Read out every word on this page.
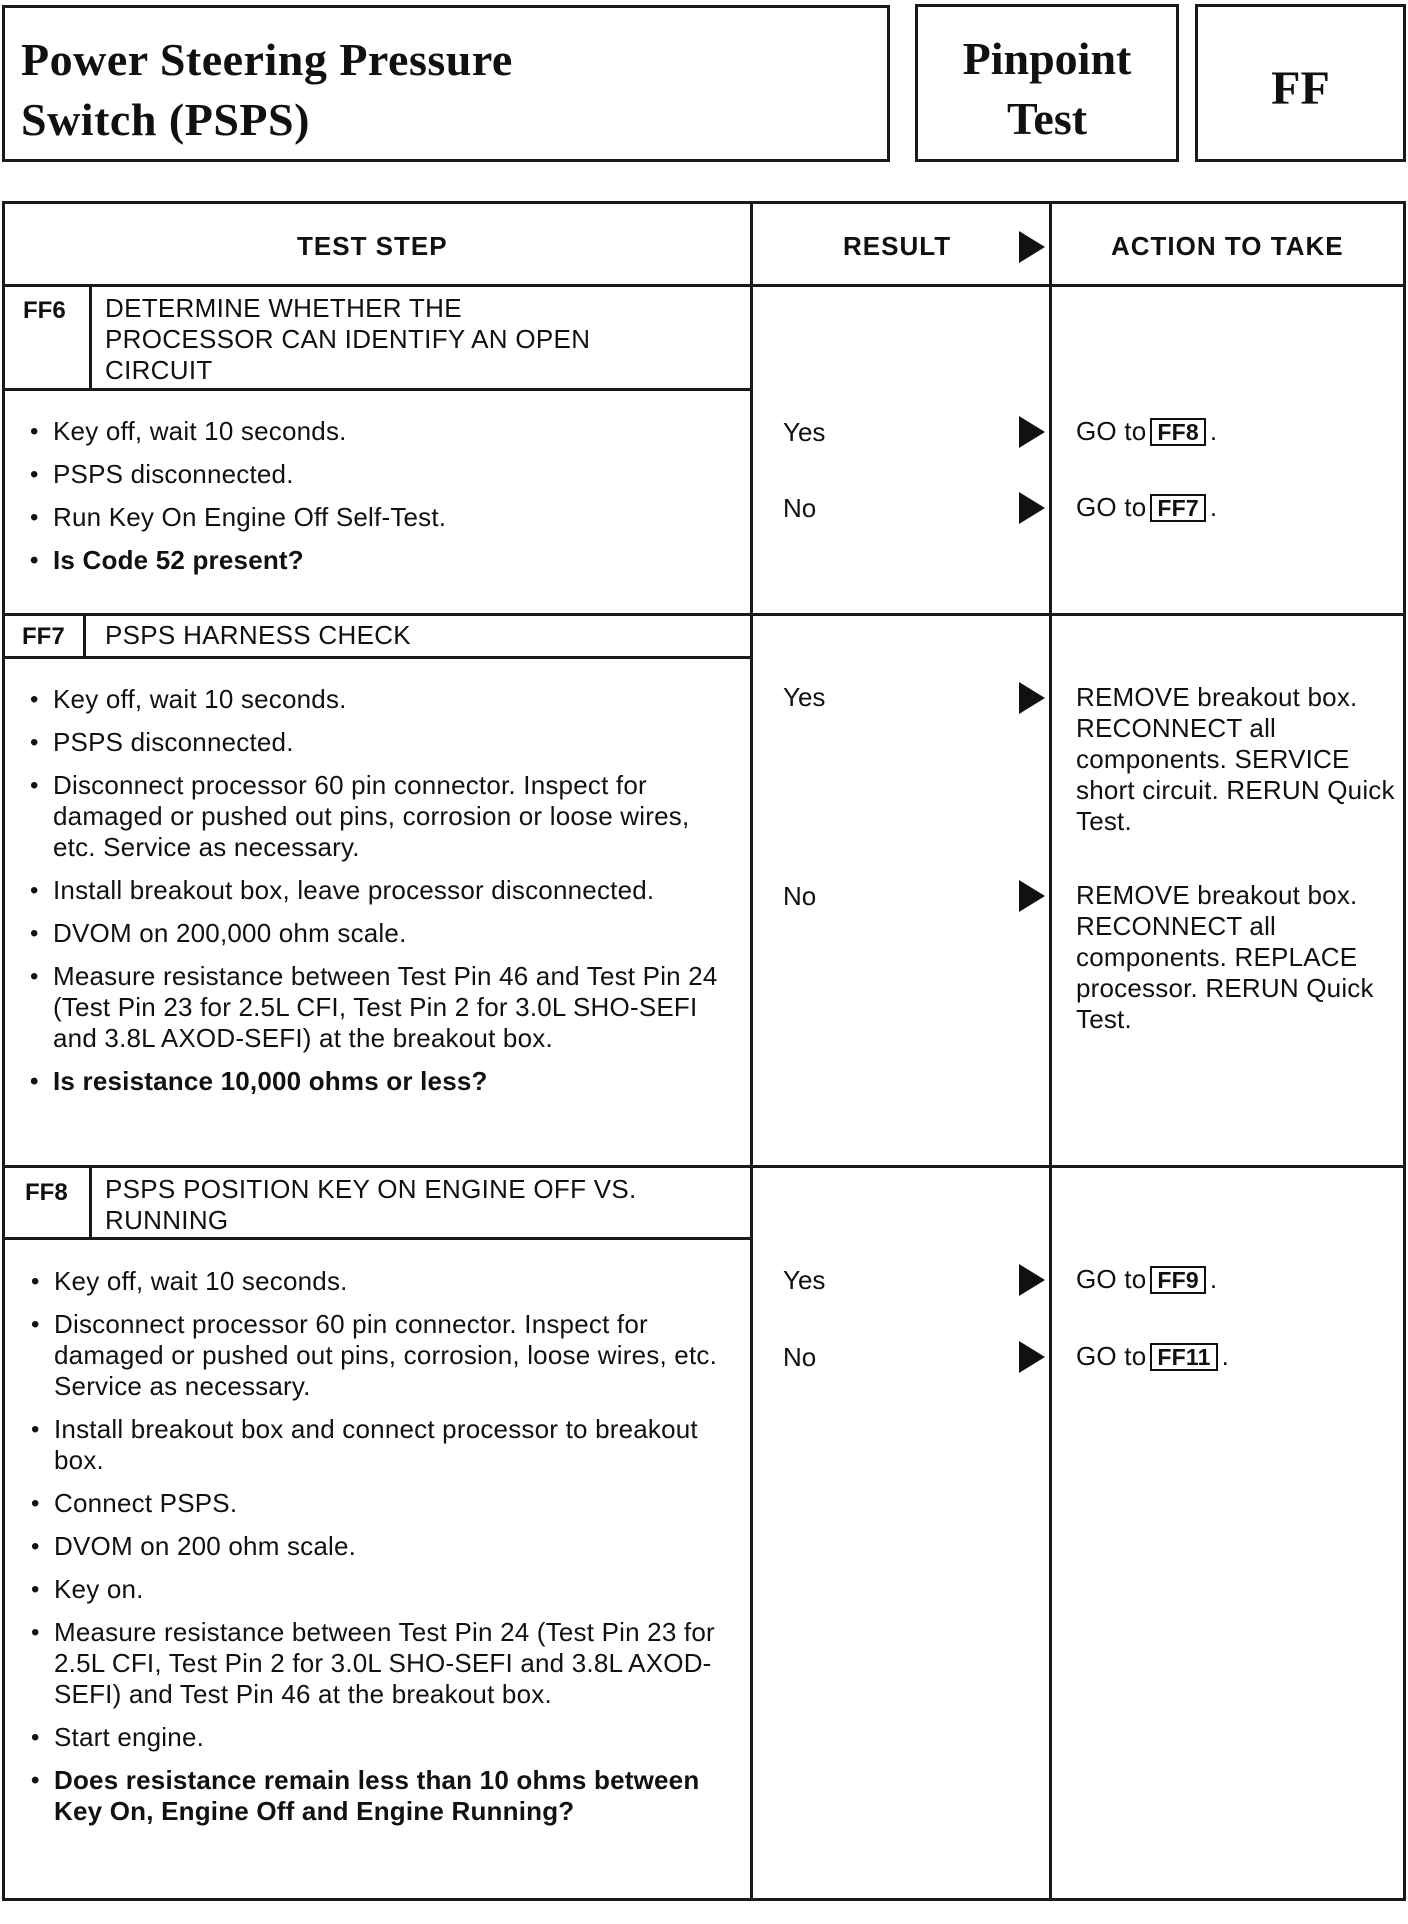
Power Steering Pressure
Switch (PSPS)
Pinpoint
Test
FF
TEST STEP	RESULT	ACTION TO TAKE
FF6 DETERMINE WHETHER THE
PROCESSOR CAN IDENTIFY AN OPEN
CIRCUIT
• Key off, wait 10 seconds.
• PSPS disconnected.
• Run Key On Engine Off Self-Test.
• Is Code 52 present?
Yes	GO to FF8 .
No	GO to FF7 .
FF7 PSPS HARNESS CHECK
• Key off, wait 10 seconds.
• PSPS disconnected.
• Disconnect processor 60 pin connector. Inspect for damaged or pushed out pins, corrosion or loose wires, etc. Service as necessary.
• Install breakout box, leave processor disconnected.
• DVOM on 200,000 ohm scale.
• Measure resistance between Test Pin 46 and Test Pin 24 (Test Pin 23 for 2.5L CFI, Test Pin 2 for 3.0L SHO-SEFI and 3.8L AXOD-SEFI) at the breakout box.
• Is resistance 10,000 ohms or less?
Yes	REMOVE breakout box. RECONNECT all components. SERVICE short circuit. RERUN Quick Test.
No	REMOVE breakout box. RECONNECT all components. REPLACE processor. RERUN Quick Test.
FF8 PSPS POSITION KEY ON ENGINE OFF VS.
RUNNING
• Key off, wait 10 seconds.
• Disconnect processor 60 pin connector. Inspect for damaged or pushed out pins, corrosion, loose wires, etc. Service as necessary.
• Install breakout box and connect processor to breakout box.
• Connect PSPS.
• DVOM on 200 ohm scale.
• Key on.
• Measure resistance between Test Pin 24 (Test Pin 23 for 2.5L CFI, Test Pin 2 for 3.0L SHO-SEFI and 3.8L AXOD-SEFI) and Test Pin 46 at the breakout box.
• Start engine.
• Does resistance remain less than 10 ohms between Key On, Engine Off and Engine Running?
Yes	GO to FF9 .
No	GO to FF11 .
